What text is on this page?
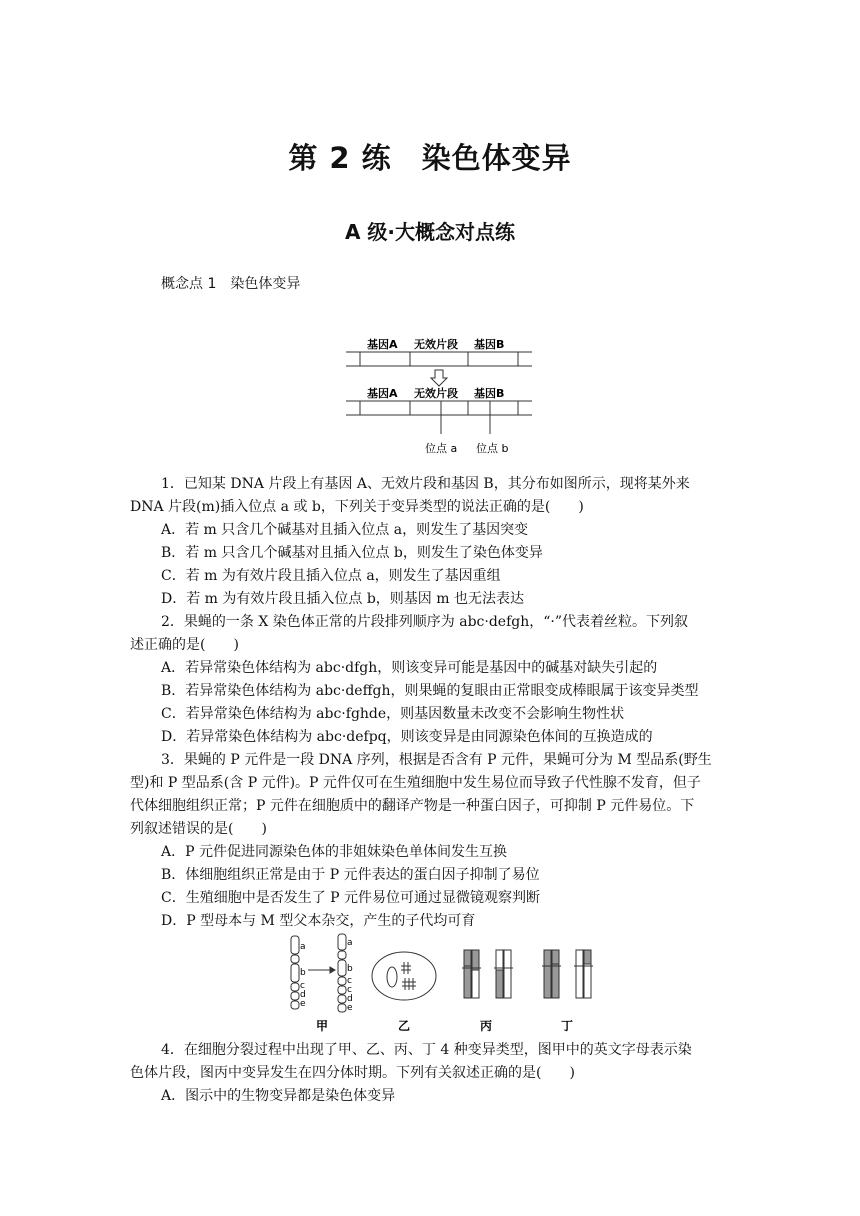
第 2 练　染色体变异
A 级·大概念对点练
概念点 1　染色体变异
基因A 无效片段 基因B
基因A 无效片段 基因B
位点 a 位点 b
1．已知某 DNA 片段上有基因 A、无效片段和基因 B，其分布如图所示，现将某外来
DNA 片段(m)插入位点 a 或 b，下列关于变异类型的说法正确的是(　　)
A．若 m 只含几个碱基对且插入位点 a，则发生了基因突变
B．若 m 只含几个碱基对且插入位点 b，则发生了染色体变异
C．若 m 为有效片段且插入位点 a，则发生了基因重组
D．若 m 为有效片段且插入位点 b，则基因 m 也无法表达
2．果蝇的一条 X 染色体正常的片段排列顺序为 abc·defgh，“·”代表着丝粒。下列叙
述正确的是(　　)
A．若异常染色体结构为 abc·dfgh，则该变异可能是基因中的碱基对缺失引起的
B．若异常染色体结构为 abc·deffgh，则果蝇的复眼由正常眼变成棒眼属于该变异类型
C．若异常染色体结构为 abc·fghde，则基因数量未改变不会影响生物性状
D．若异常染色体结构为 abc·defpq，则该变异是由同源染色体间的互换造成的
3．果蝇的 P 元件是一段 DNA 序列，根据是否含有 P 元件，果蝇可分为 M 型品系(野生
型)和 P 型品系(含 P 元件)。P 元件仅可在生殖细胞中发生易位而导致子代性腺不发育，但子
代体细胞组织正常；P 元件在细胞质中的翻译产物是一种蛋白因子，可抑制 P 元件易位。下
列叙述错误的是(　　)
A．P 元件促进同源染色体的非姐妹染色单体间发生互换
B．体细胞组织正常是由于 P 元件表达的蛋白因子抑制了易位
C．生殖细胞中是否发生了 P 元件易位可通过显微镜观察判断
D．P 型母本与 M 型父本杂交，产生的子代均可育
a
b
c
d
e
a
b
c
c
d
e
甲	乙	丙	丁
4．在细胞分裂过程中出现了甲、乙、丙、丁 4 种变异类型，图甲中的英文字母表示染
色体片段，图丙中变异发生在四分体时期。下列有关叙述正确的是(　　)
A．图示中的生物变异都是染色体变异
